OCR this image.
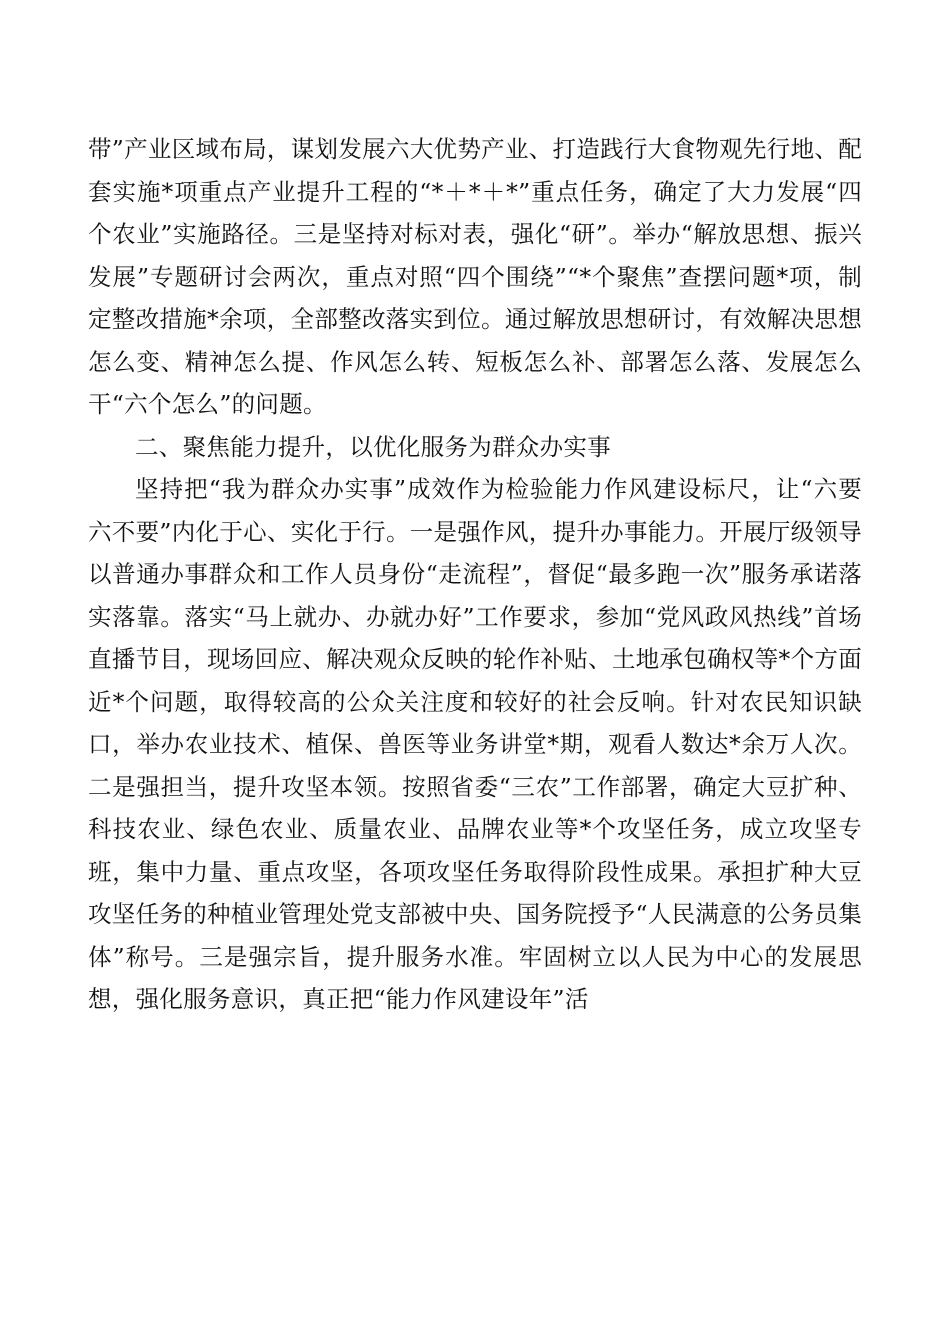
带”产业区域布局，谋划发展六大优势产业、打造践行大食物观先行地、配套实施*项重点产业提升工程的“*＋*＋*”重点任务，确定了大力发展“四个农业”实施路径。三是坚持对标对表，强化“研”。举办“解放思想、振兴发展”专题研讨会两次，重点对照“四个围绕”“*个聚焦”查摆问题*项，制定整改措施*余项，全部整改落实到位。通过解放思想研讨，有效解决思想怎么变、精神怎么提、作风怎么转、短板怎么补、部署怎么落、发展怎么干“六个怎么”的问题。

二、聚焦能力提升，以优化服务为群众办实事

坚持把“我为群众办实事”成效作为检验能力作风建设标尺，让“六要六不要”内化于心、实化于行。一是强作风，提升办事能力。开展厅级领导以普通办事群众和工作人员身份“走流程”，督促“最多跑一次”服务承诺落实落靠。落实“马上就办、办就办好”工作要求，参加“党风政风热线”首场直播节目，现场回应、解决观众反映的轮作补贴、土地承包确权等*个方面近*个问题，取得较高的公众关注度和较好的社会反响。针对农民知识缺口，举办农业技术、植保、兽医等业务讲堂*期，观看人数达*余万人次。二是强担当，提升攻坚本领。按照省委“三农”工作部署，确定大豆扩种、科技农业、绿色农业、质量农业、品牌农业等*个攻坚任务，成立攻坚专班，集中力量、重点攻坚，各项攻坚任务取得阶段性成果。承担扩种大豆攻坚任务的种植业管理处党支部被中央、国务院授予“人民满意的公务员集体”称号。三是强宗旨，提升服务水准。牢固树立以人民为中心的发展思想，强化服务意识，真正把“能力作风建设年”活
